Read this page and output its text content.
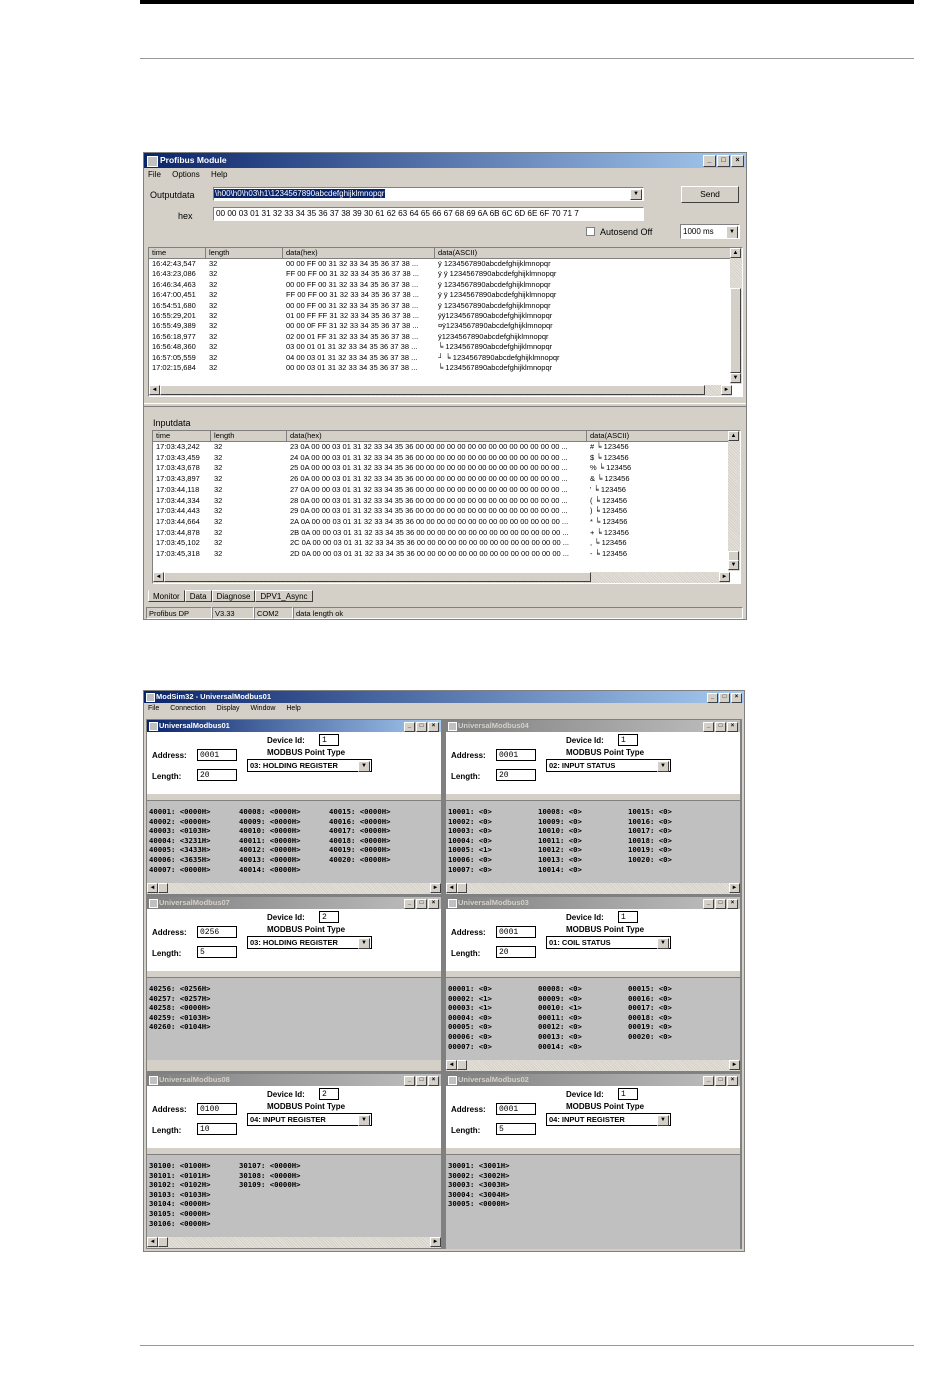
Profibus Module	_	□	×
File Options Help
Outputdata	\h00\h0\h03\h1\1234567890abcdefghijklmnopqr	▼	Send
hex	00 00 03 01 31 32 33 34 35 36 37 38 39 30 61 62 63 64 65 66 67 68 69 6A 6B 6C 6D 6E 6F 70 71 7
Autosend Off	1000 ms	▼
time	length	data(hex)	data(ASCII)
16:42:43,547 32	00 00 FF 00 31 32 33 34 35 36 37 38 ...	ÿ 1234567890abcdefghijklmnopqr
16:43:23,086 32	FF 00 FF 00 31 32 33 34 35 36 37 38 ...	ÿ ÿ 1234567890abcdefghijklmnopqr
16:46:34,463 32	00 00 FF 00 31 32 33 34 35 36 37 38 ...	ÿ 1234567890abcdefghijklmnopqr
16:47:00,451 32	FF 00 FF 00 31 32 33 34 35 36 37 38 ...	ÿ ÿ 1234567890abcdefghijklmnopqr
16:54:51,680 32	00 00 FF 00 31 32 33 34 35 36 37 38 ...	ÿ 1234567890abcdefghijklmnopqr
16:55:29,201 32	01 00 FF FF 31 32 33 34 35 36 37 38 ...	ÿÿ1234567890abcdefghijklmnopqr
16:55:49,389 32	00 00 0F FF 31 32 33 34 35 36 37 38 ...	¤ÿ1234567890abcdefghijklmnopqr
16:56:18,977 32	02 00 01 FF 31 32 33 34 35 36 37 38 ...	ÿ1234567890abcdefghijklmnopqr
16:56:48,360 32	03 00 01 01 31 32 33 34 35 36 37 38 ...	╘ 1234567890abcdefghijklmnopqr
16:57:05,559 32	04 00 03 01 31 32 33 34 35 36 37 38 ...	┘ ╘ 1234567890abcdefghijklmnopqr
17:02:15,684 32	00 00 03 01 31 32 33 34 35 36 37 38 ...	╘ 1234567890abcdefghijklmnopqr
▲
▼
◄	►
Inputdata
time	length	data(hex)	data(ASCII)
17:03:43,242 32	23 0A 00 00 03 01 31 32 33 34 35 36 00 00 00 00 00 00 00 00 00 00 00 00 00 00 ...	# ╘ 123456
17:03:43,459 32	24 0A 00 00 03 01 31 32 33 34 35 36 00 00 00 00 00 00 00 00 00 00 00 00 00 00 ...	$ ╘ 123456
17:03:43,678 32	25 0A 00 00 03 01 31 32 33 34 35 36 00 00 00 00 00 00 00 00 00 00 00 00 00 00 ...	% ╘ 123456
17:03:43,897 32	26 0A 00 00 03 01 31 32 33 34 35 36 00 00 00 00 00 00 00 00 00 00 00 00 00 00 ...	& ╘ 123456
17:03:44,118 32	27 0A 00 00 03 01 31 32 33 34 35 36 00 00 00 00 00 00 00 00 00 00 00 00 00 00 ...	' ╘ 123456
17:03:44,334 32	28 0A 00 00 03 01 31 32 33 34 35 36 00 00 00 00 00 00 00 00 00 00 00 00 00 00 ...	( ╘ 123456
17:03:44,443 32	29 0A 00 00 03 01 31 32 33 34 35 36 00 00 00 00 00 00 00 00 00 00 00 00 00 00 ...	) ╘ 123456
17:03:44,664 32	2A 0A 00 00 03 01 31 32 33 34 35 36 00 00 00 00 00 00 00 00 00 00 00 00 00 00 ...	* ╘ 123456
17:03:44,878 32	2B 0A 00 00 03 01 31 32 33 34 35 36 00 00 00 00 00 00 00 00 00 00 00 00 00 00 ...	+ ╘ 123456
17:03:45,102 32	2C 0A 00 00 03 01 31 32 33 34 35 36 00 00 00 00 00 00 00 00 00 00 00 00 00 00 ...	, ╘ 123456
17:03:45,318 32	2D 0A 00 00 03 01 31 32 33 34 35 36 00 00 00 00 00 00 00 00 00 00 00 00 00 00 ...	- ╘ 123456
▲
▼
◄	►
Monitor	Data	Diagnose	DPV1_Async
Profibus DP	V3.33	COM2	data length ok
ModSim32 - UniversalModbus01	_	□	×
File Connection Display Window Help
UniversalModbus01	_	□	×
Device Id:	1
MODBUS Point Type
Address:	0001
03: HOLDING REGISTER	▼
Length:	20
40001: <0000H>
40002: <0000H>
40003: <0103H>
40004: <3231H>
40005: <3433H>
40006: <3635H>
40007: <0000H>
40008: <0000H>
40009: <0000H>
40010: <0000H>
40011: <0000H>
40012: <0000H>
40013: <0000H>
40014: <0000H>
40015: <0000H>
40016: <0000H>
40017: <0000H>
40018: <0000H>
40019: <0000H>
40020: <0000H>
◄	►
UniversalModbus04	_	□	×
Device Id:	1
MODBUS Point Type
Address:	0001
02: INPUT STATUS	▼
Length:	20
10001: <0>
10002: <0>
10003: <0>
10004: <0>
10005: <1>
10006: <0>
10007: <0>
10008: <0>
10009: <0>
10010: <0>
10011: <0>
10012: <0>
10013: <0>
10014: <0>
10015: <0>
10016: <0>
10017: <0>
10018: <0>
10019: <0>
10020: <0>
◄	►
UniversalModbus07	_	□	×
Device Id:	2
MODBUS Point Type
Address:	0256
03: HOLDING REGISTER	▼
Length:	5
40256: <0256H>
40257: <0257H>
40258: <0000H>
40259: <0103H>
40260: <0104H>
UniversalModbus03	_	□	×
Device Id:	1
MODBUS Point Type
Address:	0001
01: COIL STATUS	▼
Length:	20
00001: <0>
00002: <1>
00003: <1>
00004: <0>
00005: <0>
00006: <0>
00007: <0>
00008: <0>
00009: <0>
00010: <1>
00011: <0>
00012: <0>
00013: <0>
00014: <0>
00015: <0>
00016: <0>
00017: <0>
00018: <0>
00019: <0>
00020: <0>
◄	►
UniversalModbus08	_	□	×
Device Id:	2
MODBUS Point Type
Address:	0100
04: INPUT REGISTER	▼
Length:	10
30100: <0100H>
30101: <0101H>
30102: <0102H>
30103: <0103H>
30104: <0000H>
30105: <0000H>
30106: <0000H>
30107: <0000H>
30108: <0000H>
30109: <0000H>
◄	►
UniversalModbus02	_	□	×
Device Id:	1
MODBUS Point Type
Address:	0001
04: INPUT REGISTER	▼
Length:	5
30001: <3001H>
30002: <3002H>
30003: <3003H>
30004: <3004H>
30005: <0000H>
